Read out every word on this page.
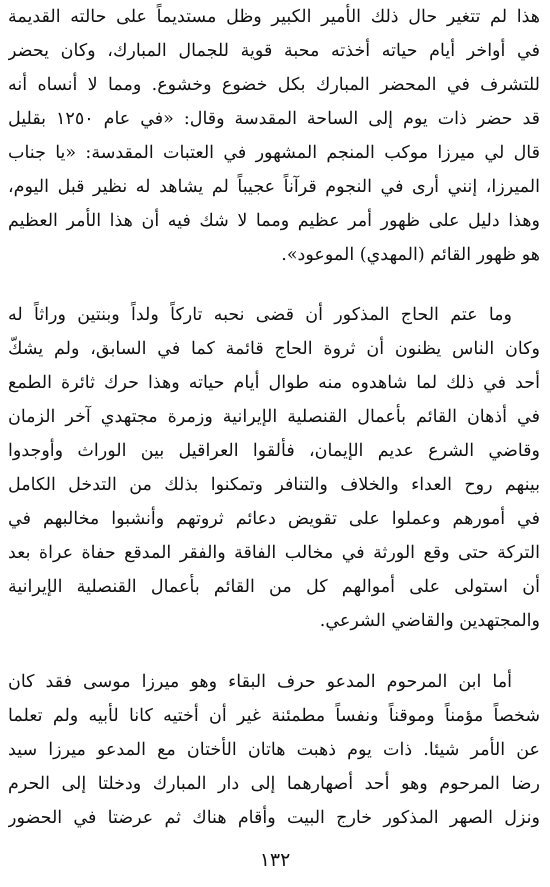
هذا لم تتغير حال ذلك الأمير الكبير وظل مستديماً على حالته القديمة
في أواخر أيام حياته أخذته محبة قوية للجمال المبارك، وكان يحضر
للتشرف في المحضر المبارك بكل خضوع وخشوع. ومما لا أنساه أنه
قد حضر ذات يوم إلى الساحة المقدسة وقال: «في عام ١٢٥٠ بقليل
قال لي ميرزا موكب المنجم المشهور في العتبات المقدسة: «يا جناب
الميرزا، إنني أرى في النجوم قرآناً عجيباً لم يشاهد له نظير قبل اليوم،
وهذا دليل على ظهور أمر عظيم ومما لا شك فيه أن هذا الأمر العظيم
هو ظهور القائم (المهدي) الموعود».
وما عتم الحاج المذكور أن قضى نحبه تاركاً ولداً وبنتين وراثاً له
وكان الناس يظنون أن ثروة الحاج قائمة كما في السابق، ولم يشكّ
أحد في ذلك لما شاهدوه منه طوال أيام حياته وهذا حرك ثائرة الطمع
في أذهان القائم بأعمال القنصلية الإيرانية وزمرة مجتهدي آخر الزمان
وقاضي الشرع عديم الإيمان، فألقوا العراقيل بين الوراث وأوجدوا
بينهم روح العداء والخلاف والتنافر وتمكنوا بذلك من التدخل الكامل
في أمورهم وعملوا على تقويض دعائم ثروتهم وأنشبوا مخالبهم في
التركة حتى وقع الورثة في مخالب الفاقة والفقر المدقع حفاة عراة بعد
أن استولى على أموالهم كل من القائم بأعمال القنصلية الإيرانية
والمجتهدين والقاضي الشرعي.
أما ابن المرحوم المدعو حرف البقاء وهو ميرزا موسى فقد كان
شخصاً مؤمناً وموقناً ونفساً مطمئنة غير أن أختيه كانا لأبيه ولم تعلما
عن الأمر شيئا. ذات يوم ذهبت هاتان الأختان مع المدعو ميرزا سيد
رضا المرحوم وهو أحد أصهارهما إلى دار المبارك ودخلتا إلى الحرم
ونزل الصهر المذكور خارج البيت وأقام هناك ثم عرضتا في الحضور
١٣٢
